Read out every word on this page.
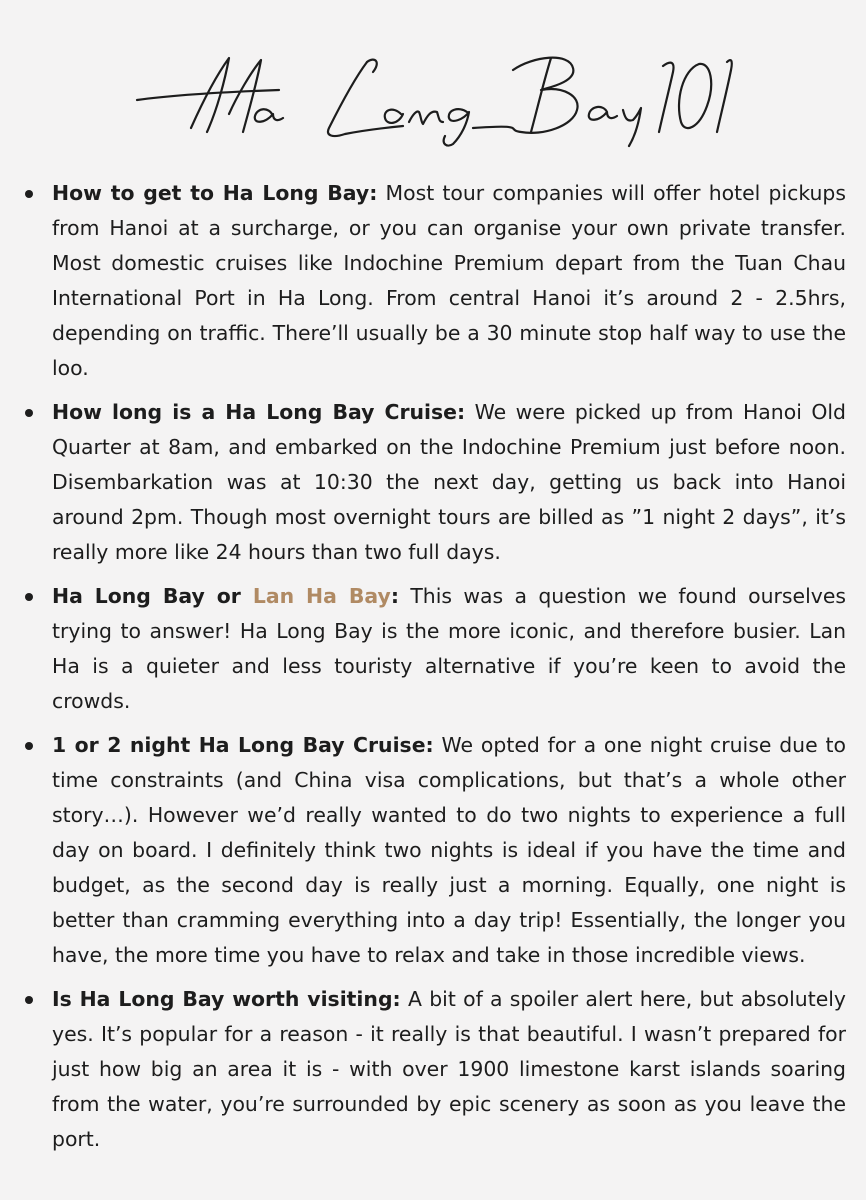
How to get to Ha Long Bay: Most tour companies will offer hotel pickups from Hanoi at a surcharge, or you can organise your own private transfer. Most domestic cruises like Indochine Premium depart from the Tuan Chau International Port in Ha Long. From central Hanoi it’s around 2 - 2.5hrs, depending on traffic. There’ll usually be a 30 minute stop half way to use the loo.
How long is a Ha Long Bay Cruise: We were picked up from Hanoi Old Quarter at 8am, and embarked on the Indochine Premium just before noon. Disembarkation was at 10:30 the next day, getting us back into Hanoi around 2pm. Though most overnight tours are billed as ”1 night 2 days”, it’s really more like 24 hours than two full days.
Ha Long Bay or Lan Ha Bay: This was a question we found ourselves trying to answer! Ha Long Bay is the more iconic, and therefore busier. Lan Ha is a quieter and less touristy alternative if you’re keen to avoid the crowds.
1 or 2 night Ha Long Bay Cruise: We opted for a one night cruise due to time constraints (and China visa complications, but that’s a whole other story…). However we’d really wanted to do two nights to experience a full day on board. I definitely think two nights is ideal if you have the time and budget, as the second day is really just a morning. Equally, one night is better than cramming everything into a day trip! Essentially, the longer you have, the more time you have to relax and take in those incredible views.
Is Ha Long Bay worth visiting: A bit of a spoiler alert here, but absolutely yes. It’s popular for a reason - it really is that beautiful. I wasn’t prepared for just how big an area it is - with over 1900 limestone karst islands soaring from the water, you’re surrounded by epic scenery as soon as you leave the port.
